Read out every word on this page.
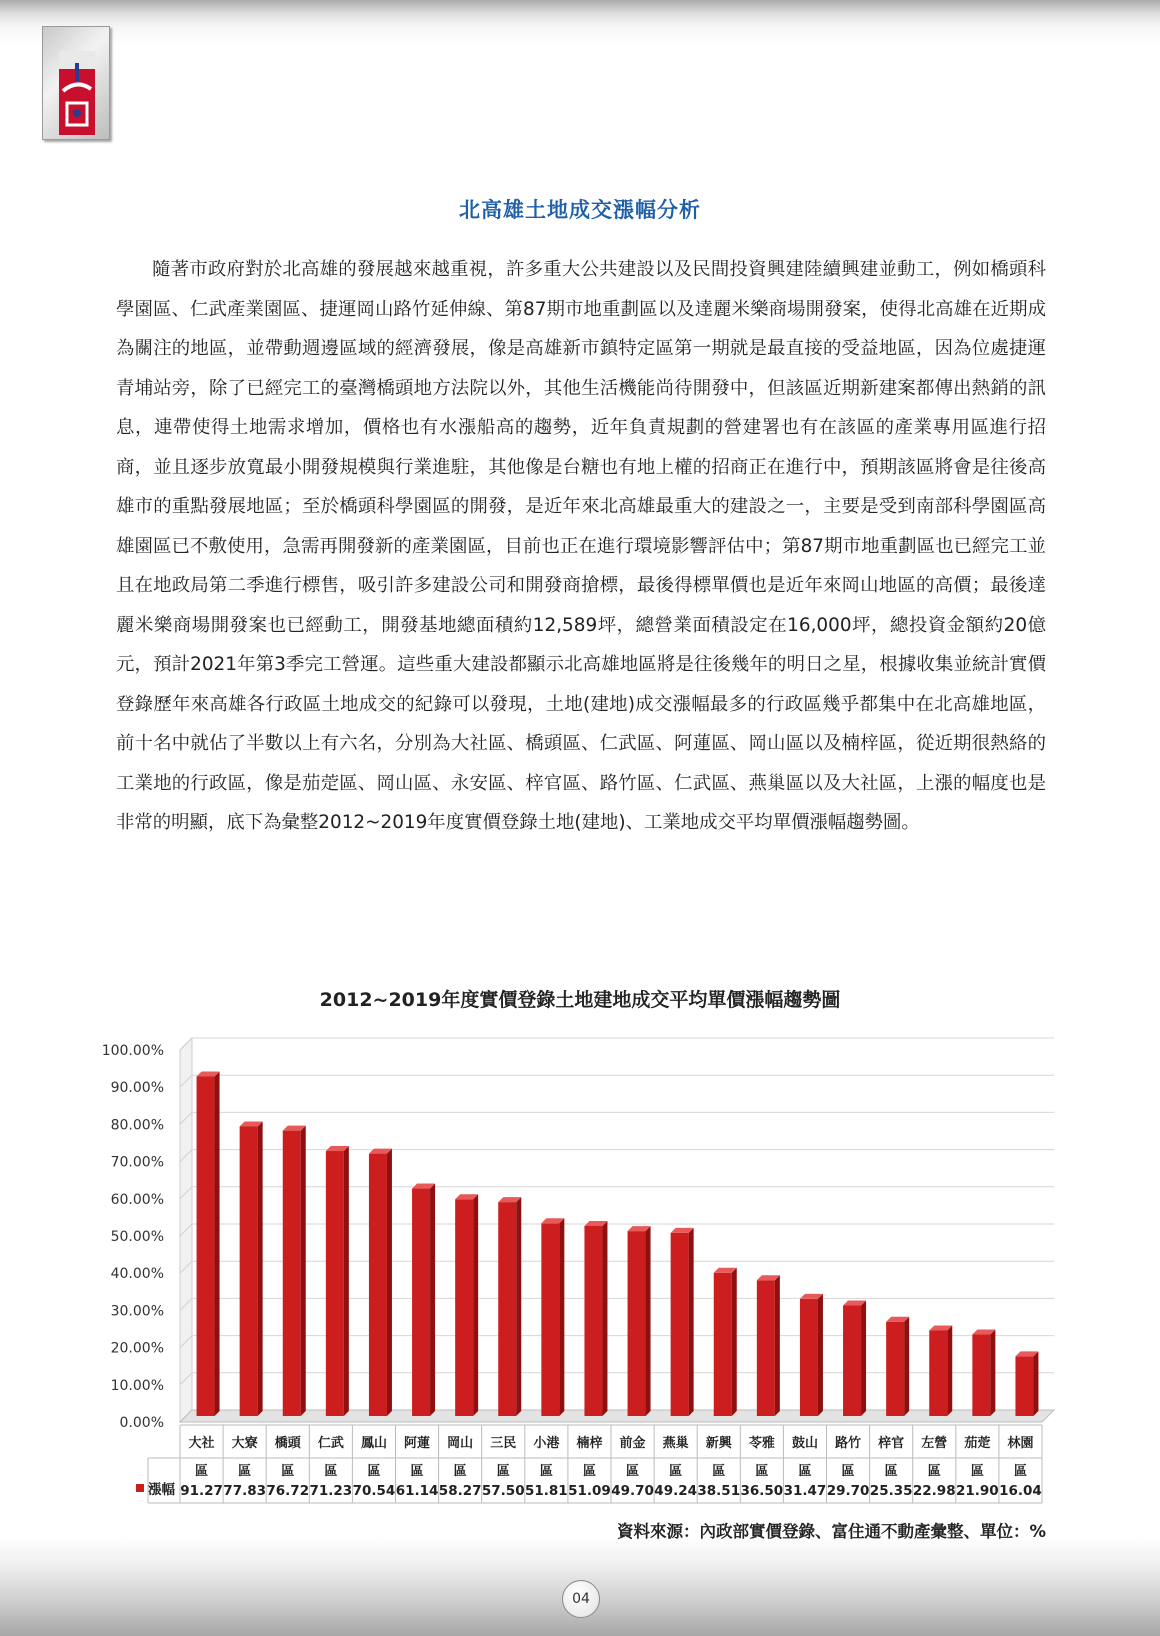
北高雄土地成交漲幅分析
隨著市政府對於北高雄的發展越來越重視，許多重大公共建設以及民間投資興建陸續興建並動工，例如橋頭科學園區、仁武產業園區、捷運岡山路竹延伸線、第87期市地重劃區以及達麗米樂商場開發案，使得北高雄在近期成為關注的地區，並帶動週邊區域的經濟發展，像是高雄新市鎮特定區第一期就是最直接的受益地區，因為位處捷運青埔站旁，除了已經完工的臺灣橋頭地方法院以外，其他生活機能尚待開發中，但該區近期新建案都傳出熱銷的訊息，連帶使得土地需求增加，價格也有水漲船高的趨勢，近年負責規劃的營建署也有在該區的產業專用區進行招商，並且逐步放寬最小開發規模與行業進駐，其他像是台糖也有地上權的招商正在進行中，預期該區將會是往後高雄市的重點發展地區；至於橋頭科學園區的開發，是近年來北高雄最重大的建設之一，主要是受到南部科學園區高雄園區已不敷使用，急需再開發新的產業園區，目前也正在進行環境影響評估中；第87期市地重劃區也已經完工並且在地政局第二季進行標售，吸引許多建設公司和開發商搶標，最後得標單價也是近年來岡山地區的高價；最後達麗米樂商場開發案也已經動工，開發基地總面積約12,589坪，總營業面積設定在16,000坪，總投資金額約20億元，預計2021年第3季完工營運。這些重大建設都顯示北高雄地區將是往後幾年的明日之星，根據收集並統計實價登錄歷年來高雄各行政區土地成交的紀錄可以發現，土地(建地)成交漲幅最多的行政區幾乎都集中在北高雄地區，前十名中就佔了半數以上有六名，分別為大社區、橋頭區、仁武區、阿蓮區、岡山區以及楠梓區，從近期很熱絡的工業地的行政區，像是茄萣區、岡山區、永安區、梓官區、路竹區、仁武區、燕巢區以及大社區，上漲的幅度也是非常的明顯，底下為彙整2012~2019年度實價登錄土地(建地)、工業地成交平均單價漲幅趨勢圖。
2012~2019年度實價登錄土地建地成交平均單價漲幅趨勢圖
0.00%
10.00%
20.00%
30.00%
40.00%
50.00%
60.00%
70.00%
80.00%
90.00%
100.00%
大社
區
91.27
大寮
區
77.83
橋頭
區
76.72
仁武
區
71.23
鳳山
區
70.54
阿蓮
區
61.14
岡山
區
58.27
三民
區
57.50
小港
區
51.81
楠梓
區
51.09
前金
區
49.70
燕巢
區
49.24
新興
區
38.51
苓雅
區
36.50
鼓山
區
31.47
路竹
區
29.70
梓官
區
25.35
左營
區
22.98
茄萣
區
21.90
林園
區
16.04
漲幅
資料來源：內政部實價登錄、富住通不動產彙整、單位：%
04
